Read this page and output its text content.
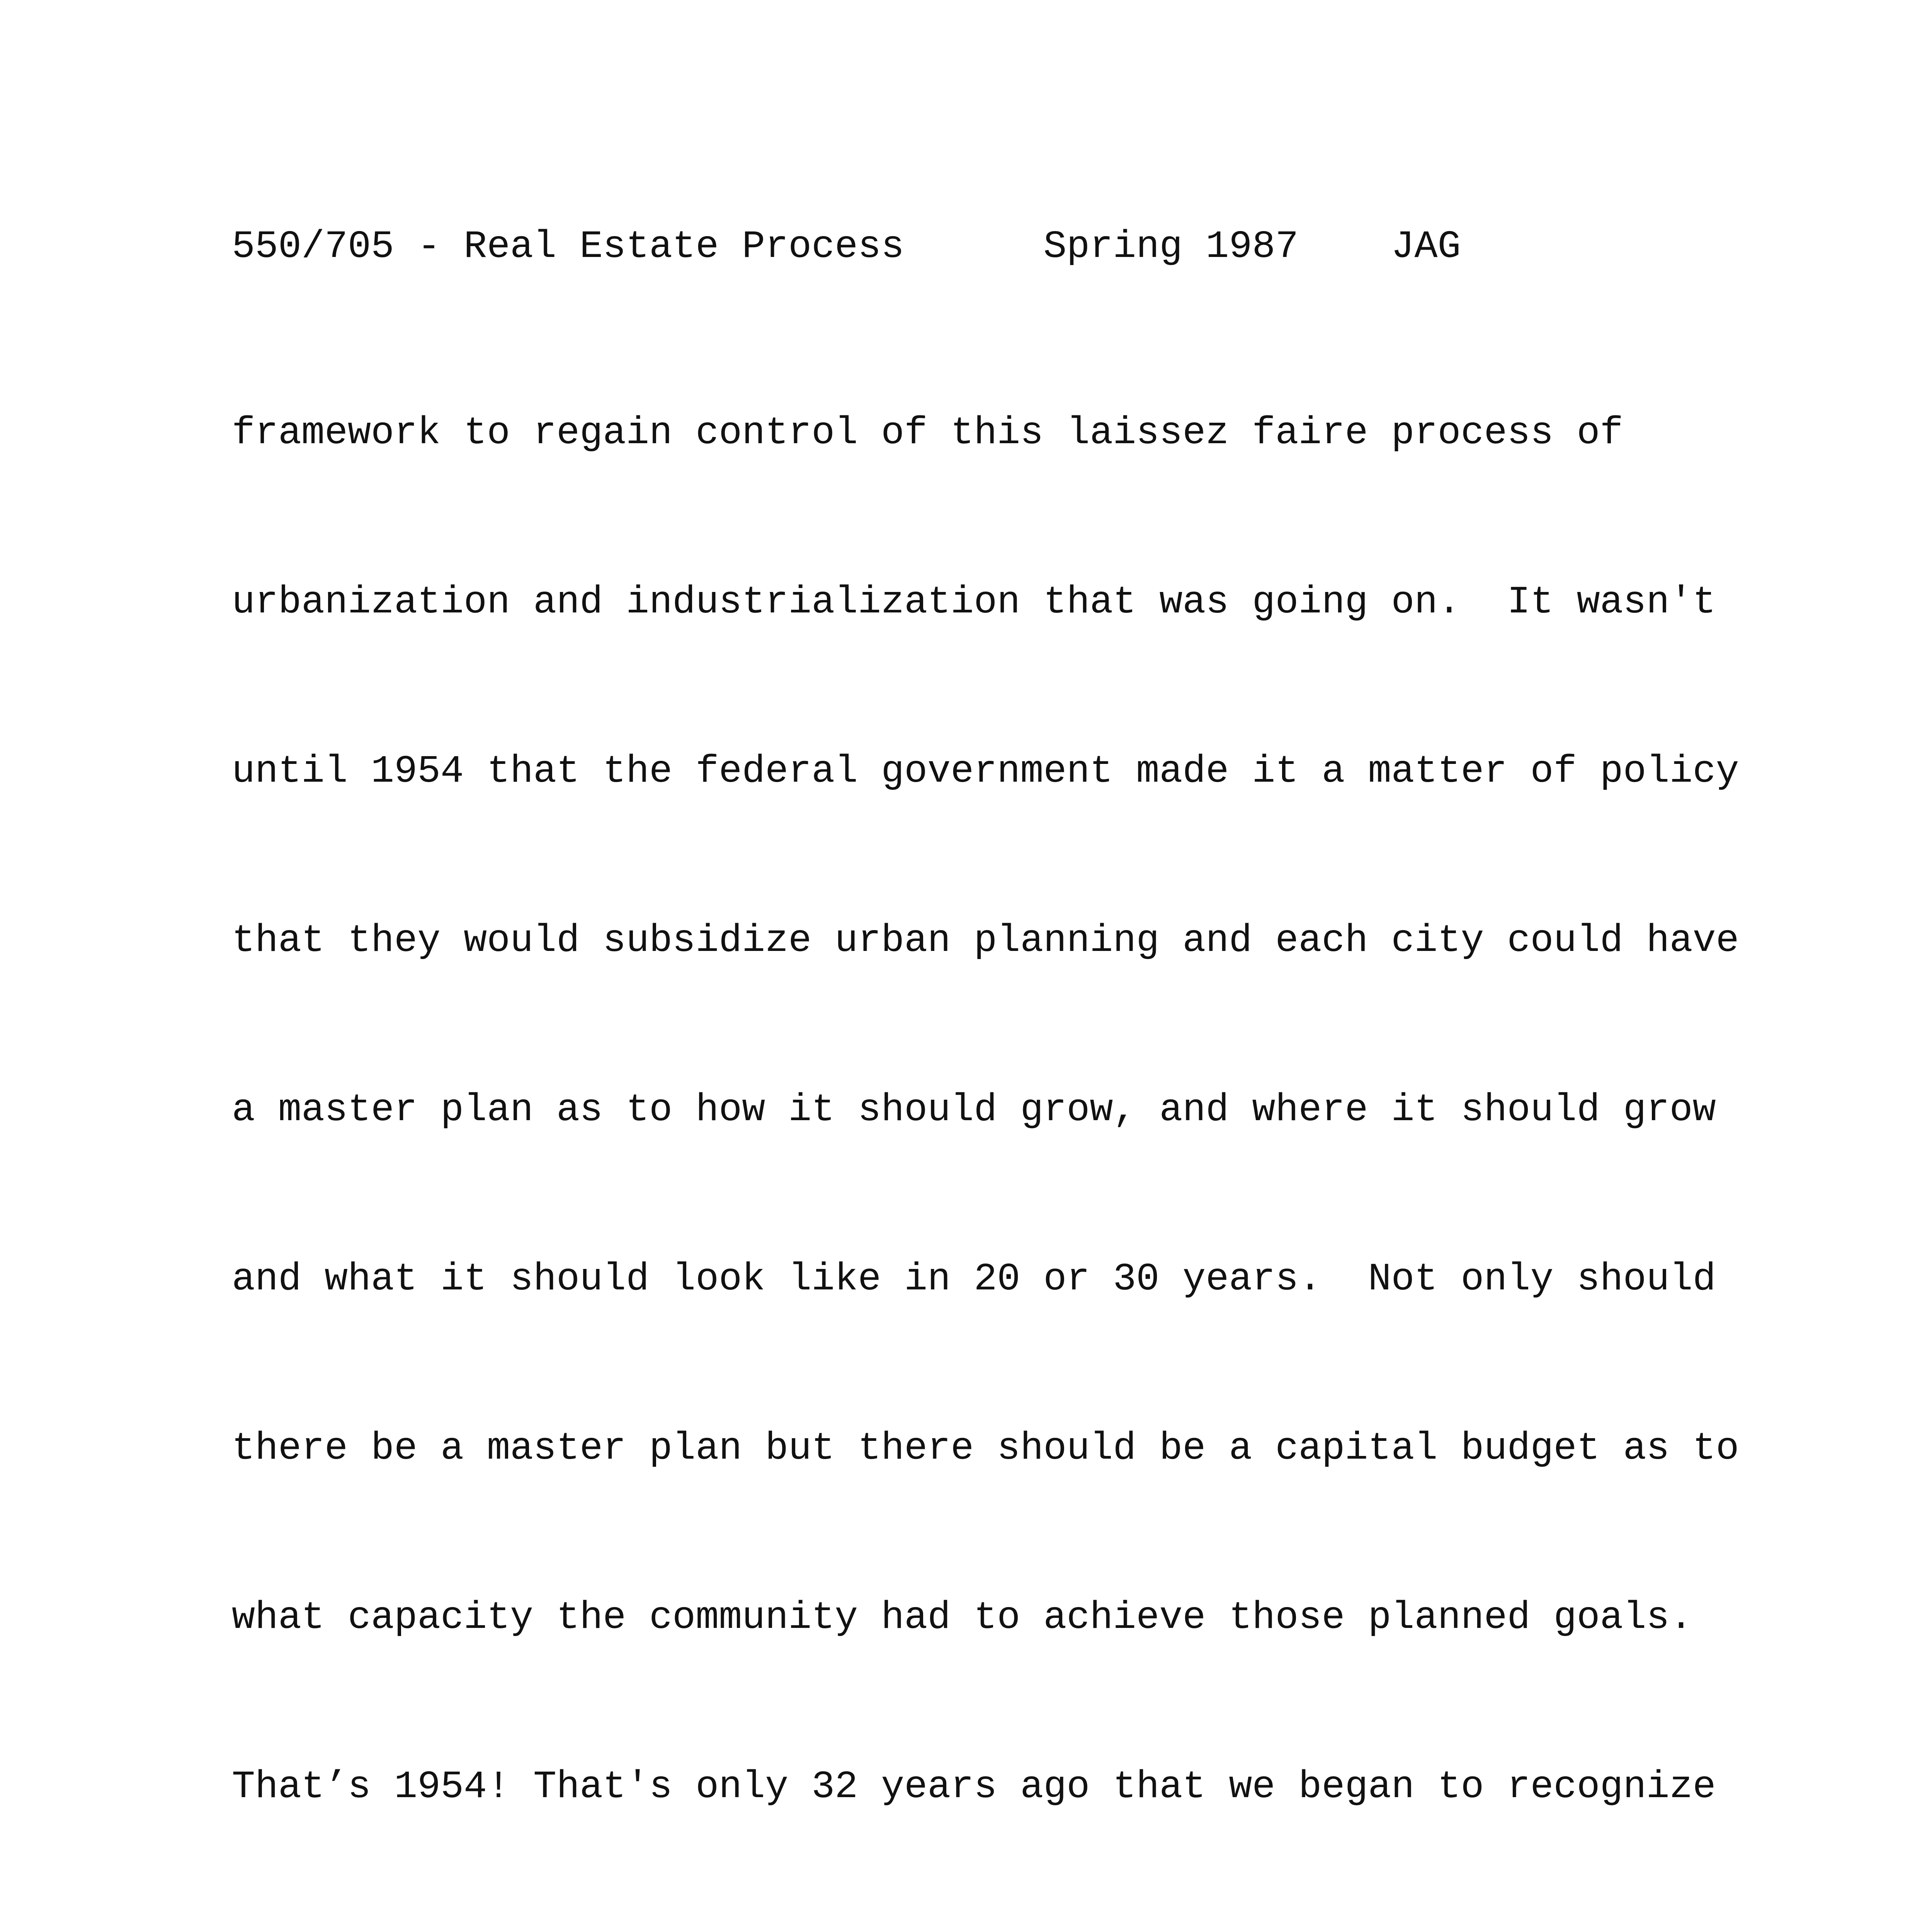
550/705 - Real Estate Process	Spring 1987 JAG

framework to regain control of this laissez faire process of

urbanization and industrialization that was going on.  It wasn't

until 1954 that the federal government made it a matter of policy

that they would subsidize urban planning and each city could have

a master plan as to how it should grow, and where it should grow

and what it should look like in 20 or 30 years.  Not only should

there be a master plan but there should be a capital budget as to

what capacity the community had to achieve those planned goals.

That’s 1954! That's only 32 years ago that we began to recognize
